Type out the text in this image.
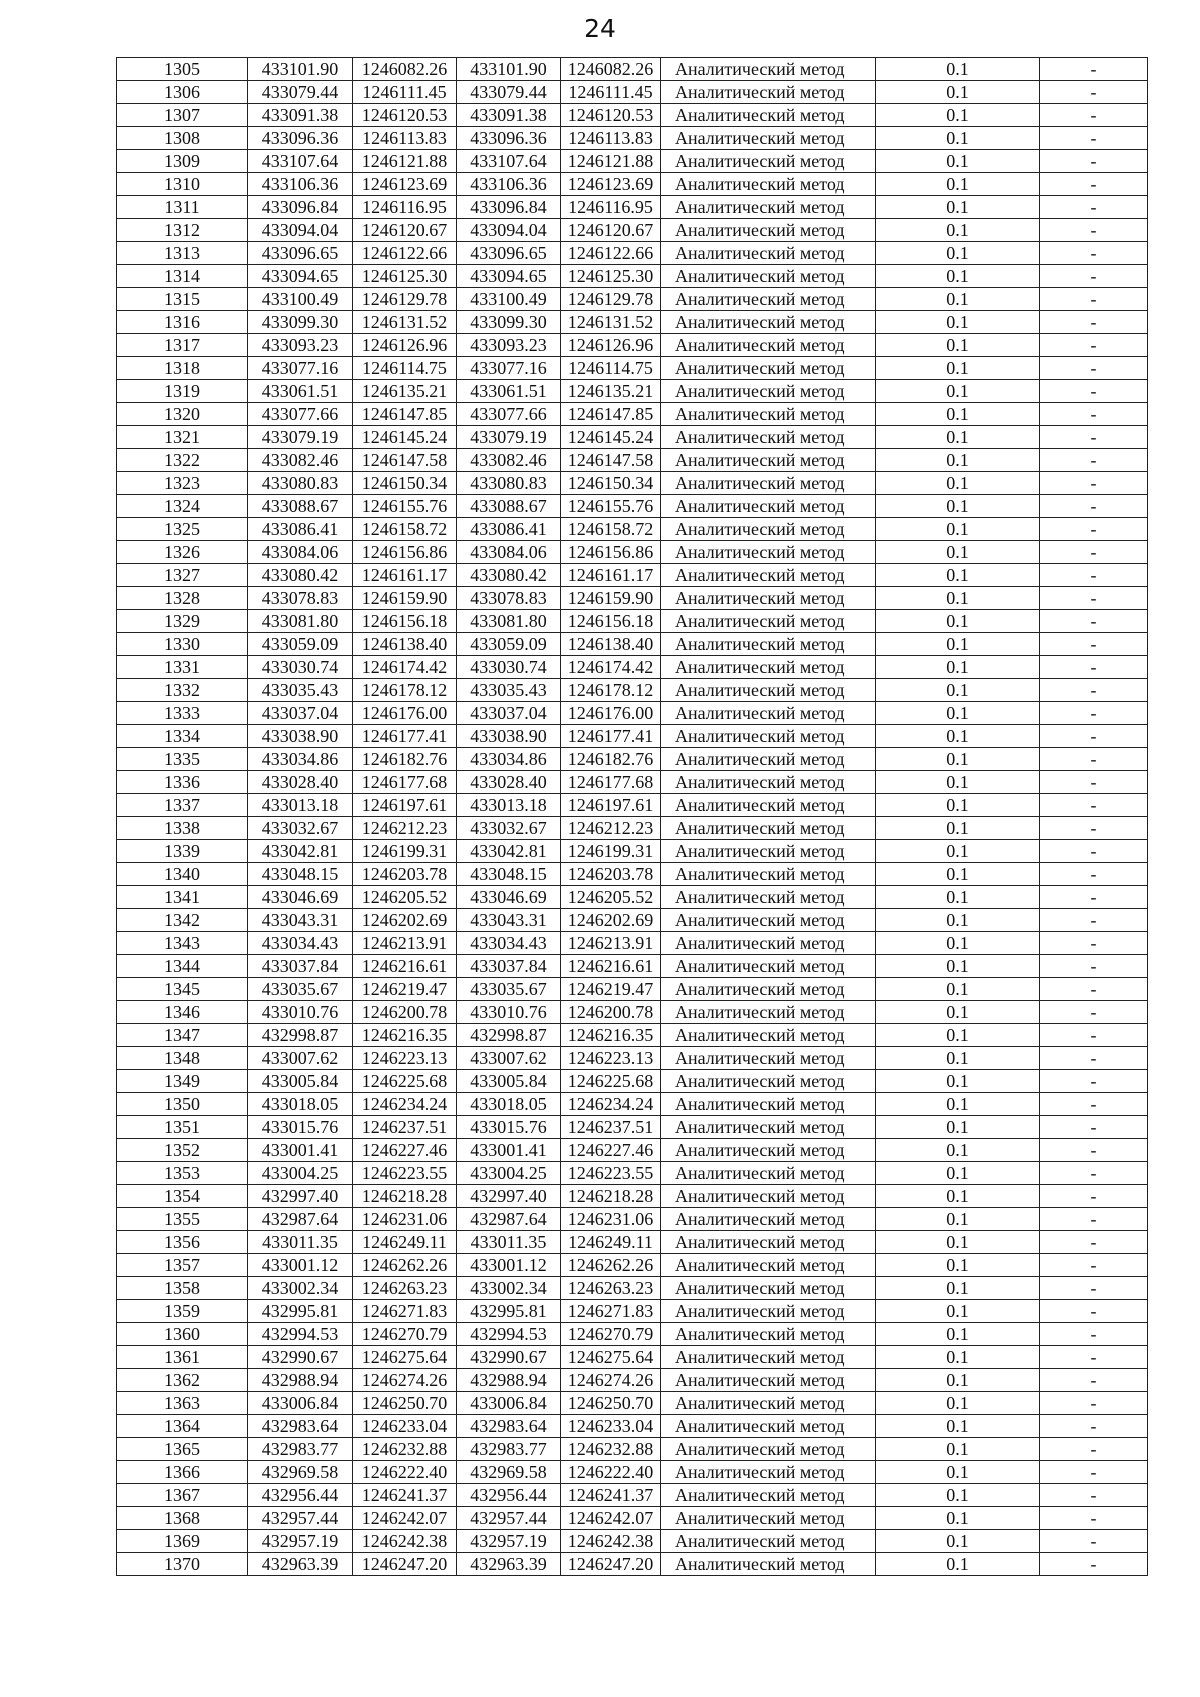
24
1305	433101.90	1246082.26	433101.90	1246082.26	Аналитический метод	0.1	-
1306	433079.44	1246111.45	433079.44	1246111.45	Аналитический метод	0.1	-
1307	433091.38	1246120.53	433091.38	1246120.53	Аналитический метод	0.1	-
1308	433096.36	1246113.83	433096.36	1246113.83	Аналитический метод	0.1	-
1309	433107.64	1246121.88	433107.64	1246121.88	Аналитический метод	0.1	-
1310	433106.36	1246123.69	433106.36	1246123.69	Аналитический метод	0.1	-
1311	433096.84	1246116.95	433096.84	1246116.95	Аналитический метод	0.1	-
1312	433094.04	1246120.67	433094.04	1246120.67	Аналитический метод	0.1	-
1313	433096.65	1246122.66	433096.65	1246122.66	Аналитический метод	0.1	-
1314	433094.65	1246125.30	433094.65	1246125.30	Аналитический метод	0.1	-
1315	433100.49	1246129.78	433100.49	1246129.78	Аналитический метод	0.1	-
1316	433099.30	1246131.52	433099.30	1246131.52	Аналитический метод	0.1	-
1317	433093.23	1246126.96	433093.23	1246126.96	Аналитический метод	0.1	-
1318	433077.16	1246114.75	433077.16	1246114.75	Аналитический метод	0.1	-
1319	433061.51	1246135.21	433061.51	1246135.21	Аналитический метод	0.1	-
1320	433077.66	1246147.85	433077.66	1246147.85	Аналитический метод	0.1	-
1321	433079.19	1246145.24	433079.19	1246145.24	Аналитический метод	0.1	-
1322	433082.46	1246147.58	433082.46	1246147.58	Аналитический метод	0.1	-
1323	433080.83	1246150.34	433080.83	1246150.34	Аналитический метод	0.1	-
1324	433088.67	1246155.76	433088.67	1246155.76	Аналитический метод	0.1	-
1325	433086.41	1246158.72	433086.41	1246158.72	Аналитический метод	0.1	-
1326	433084.06	1246156.86	433084.06	1246156.86	Аналитический метод	0.1	-
1327	433080.42	1246161.17	433080.42	1246161.17	Аналитический метод	0.1	-
1328	433078.83	1246159.90	433078.83	1246159.90	Аналитический метод	0.1	-
1329	433081.80	1246156.18	433081.80	1246156.18	Аналитический метод	0.1	-
1330	433059.09	1246138.40	433059.09	1246138.40	Аналитический метод	0.1	-
1331	433030.74	1246174.42	433030.74	1246174.42	Аналитический метод	0.1	-
1332	433035.43	1246178.12	433035.43	1246178.12	Аналитический метод	0.1	-
1333	433037.04	1246176.00	433037.04	1246176.00	Аналитический метод	0.1	-
1334	433038.90	1246177.41	433038.90	1246177.41	Аналитический метод	0.1	-
1335	433034.86	1246182.76	433034.86	1246182.76	Аналитический метод	0.1	-
1336	433028.40	1246177.68	433028.40	1246177.68	Аналитический метод	0.1	-
1337	433013.18	1246197.61	433013.18	1246197.61	Аналитический метод	0.1	-
1338	433032.67	1246212.23	433032.67	1246212.23	Аналитический метод	0.1	-
1339	433042.81	1246199.31	433042.81	1246199.31	Аналитический метод	0.1	-
1340	433048.15	1246203.78	433048.15	1246203.78	Аналитический метод	0.1	-
1341	433046.69	1246205.52	433046.69	1246205.52	Аналитический метод	0.1	-
1342	433043.31	1246202.69	433043.31	1246202.69	Аналитический метод	0.1	-
1343	433034.43	1246213.91	433034.43	1246213.91	Аналитический метод	0.1	-
1344	433037.84	1246216.61	433037.84	1246216.61	Аналитический метод	0.1	-
1345	433035.67	1246219.47	433035.67	1246219.47	Аналитический метод	0.1	-
1346	433010.76	1246200.78	433010.76	1246200.78	Аналитический метод	0.1	-
1347	432998.87	1246216.35	432998.87	1246216.35	Аналитический метод	0.1	-
1348	433007.62	1246223.13	433007.62	1246223.13	Аналитический метод	0.1	-
1349	433005.84	1246225.68	433005.84	1246225.68	Аналитический метод	0.1	-
1350	433018.05	1246234.24	433018.05	1246234.24	Аналитический метод	0.1	-
1351	433015.76	1246237.51	433015.76	1246237.51	Аналитический метод	0.1	-
1352	433001.41	1246227.46	433001.41	1246227.46	Аналитический метод	0.1	-
1353	433004.25	1246223.55	433004.25	1246223.55	Аналитический метод	0.1	-
1354	432997.40	1246218.28	432997.40	1246218.28	Аналитический метод	0.1	-
1355	432987.64	1246231.06	432987.64	1246231.06	Аналитический метод	0.1	-
1356	433011.35	1246249.11	433011.35	1246249.11	Аналитический метод	0.1	-
1357	433001.12	1246262.26	433001.12	1246262.26	Аналитический метод	0.1	-
1358	433002.34	1246263.23	433002.34	1246263.23	Аналитический метод	0.1	-
1359	432995.81	1246271.83	432995.81	1246271.83	Аналитический метод	0.1	-
1360	432994.53	1246270.79	432994.53	1246270.79	Аналитический метод	0.1	-
1361	432990.67	1246275.64	432990.67	1246275.64	Аналитический метод	0.1	-
1362	432988.94	1246274.26	432988.94	1246274.26	Аналитический метод	0.1	-
1363	433006.84	1246250.70	433006.84	1246250.70	Аналитический метод	0.1	-
1364	432983.64	1246233.04	432983.64	1246233.04	Аналитический метод	0.1	-
1365	432983.77	1246232.88	432983.77	1246232.88	Аналитический метод	0.1	-
1366	432969.58	1246222.40	432969.58	1246222.40	Аналитический метод	0.1	-
1367	432956.44	1246241.37	432956.44	1246241.37	Аналитический метод	0.1	-
1368	432957.44	1246242.07	432957.44	1246242.07	Аналитический метод	0.1	-
1369	432957.19	1246242.38	432957.19	1246242.38	Аналитический метод	0.1	-
1370	432963.39	1246247.20	432963.39	1246247.20	Аналитический метод	0.1	-
